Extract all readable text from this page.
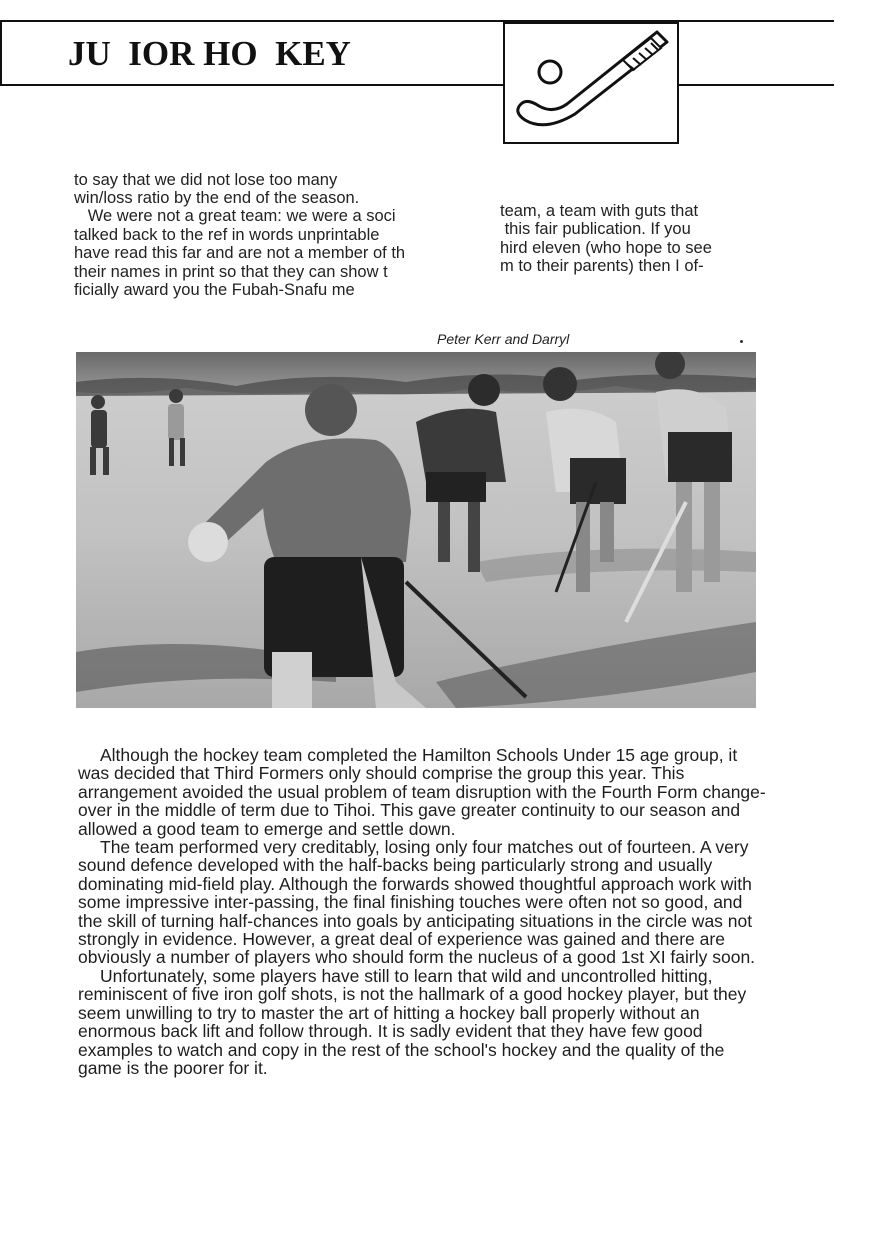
JU  IOR HO  KEY
to say that we did not lose too many
win/loss ratio by the end of the season.
We were not a great team: we were a soci
talked back to the ref in words unprintable
have read this far and are not a member of th
their names in print so that they can show t
ficially award you the Fubah-Snafu me
team, a team with guts that
this fair publication. If you
hird eleven (who hope to see
m to their parents) then I of-
Peter Kerr and Darryl

Although the hockey team completed the Hamilton Schools Under 15 age group, it was decided that Third Formers only should comprise the group this year. This arrangement avoided the usual problem of team disruption with the Fourth Form change-over in the middle of term due to Tihoi. This gave greater continuity to our season and allowed a good team to emerge and settle down.

The team performed very creditably, losing only four matches out of fourteen. A very sound defence developed with the half-backs being particularly strong and usually dominating mid-field play. Although the forwards showed thoughtful approach work with some impressive inter-passing, the final finishing touches were often not so good, and the skill of turning half-chances into goals by anticipating situations in the circle was not strongly in evidence. However, a great deal of experience was gained and there are obviously a number of players who should form the nucleus of a good 1st XI fairly soon.

Unfortunately, some players have still to learn that wild and uncontrolled hitting, reminiscent of five iron golf shots, is not the hallmark of a good hockey player, but they seem unwilling to try to master the art of hitting a hockey ball properly without an enormous back lift and follow through. It is sadly evident that they have few good examples to watch and copy in the rest of the school's hockey and the quality of the game is the poorer for it.
